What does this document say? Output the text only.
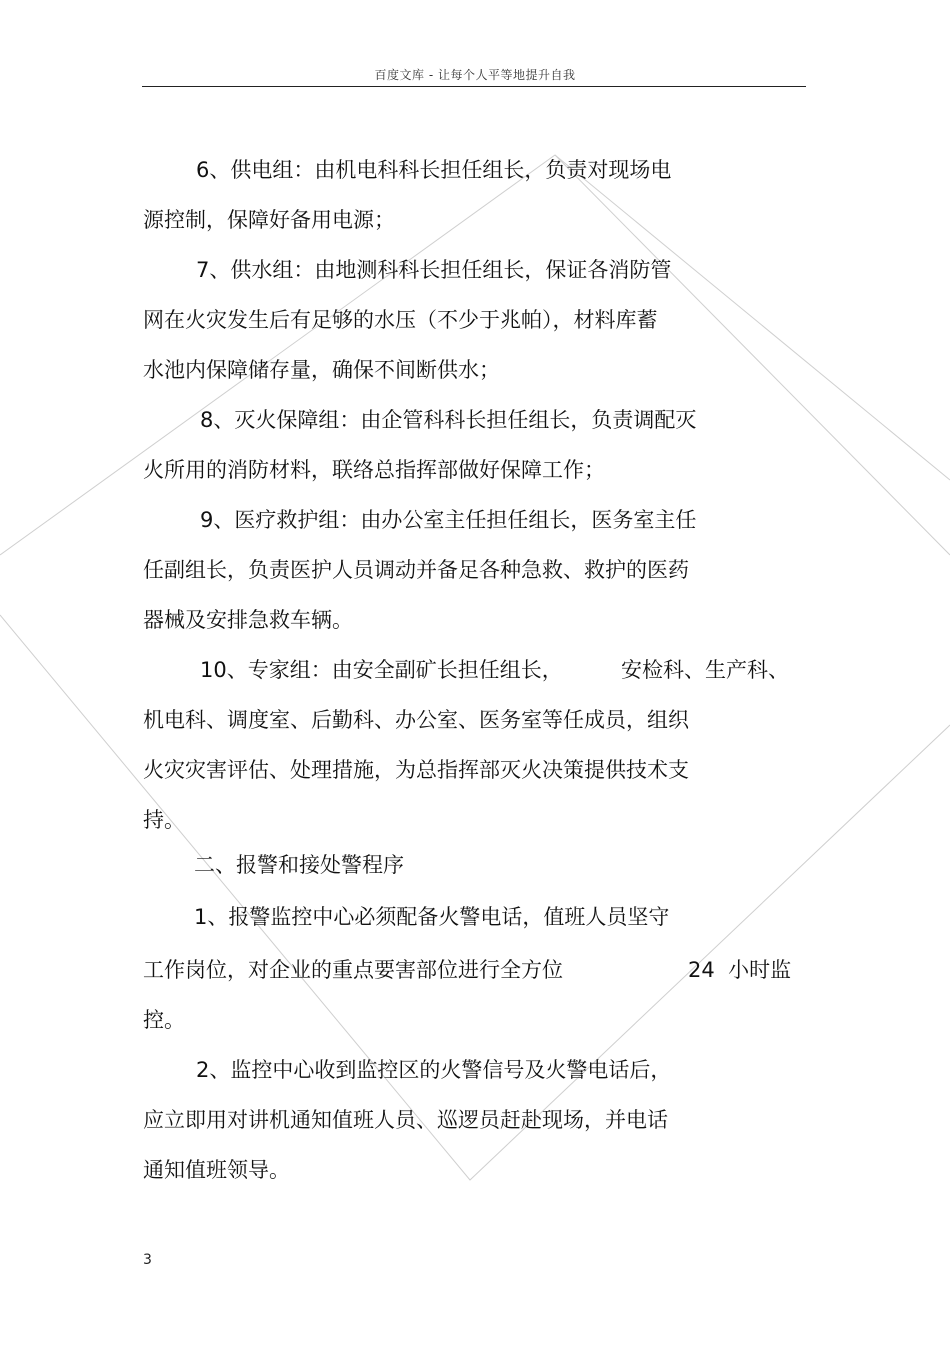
百度文库 - 让每个人平等地提升自我
6、供电组：由机电科科长担任组长，负责对现场电
源控制，保障好备用电源；
7、供水组：由地测科科长担任组长，保证各消防管
网在火灾发生后有足够的水压（不少于兆帕），材料库蓄
水池内保障储存量，确保不间断供水；
8、灭火保障组：由企管科科长担任组长，负责调配灭
火所用的消防材料，联络总指挥部做好保障工作；
9、医疗救护组：由办公室主任担任组长，医务室主任
任副组长，负责医护人员调动并备足各种急救、救护的医药
器械及安排急救车辆。
10、专家组：由安全副矿长担任组长，	安检科、生产科、
机电科、调度室、后勤科、办公室、医务室等任成员，组织
火灾灾害评估、处理措施，为总指挥部灭火决策提供技术支
持。
二、报警和接处警程序
1、报警监控中心必须配备火警电话，值班人员坚守
工作岗位，对企业的重点要害部位进行全方位	24  小时监
控。
2、监控中心收到监控区的火警信号及火警电话后，
应立即用对讲机通知值班人员、巡逻员赶赴现场，并电话
通知值班领导。
3
